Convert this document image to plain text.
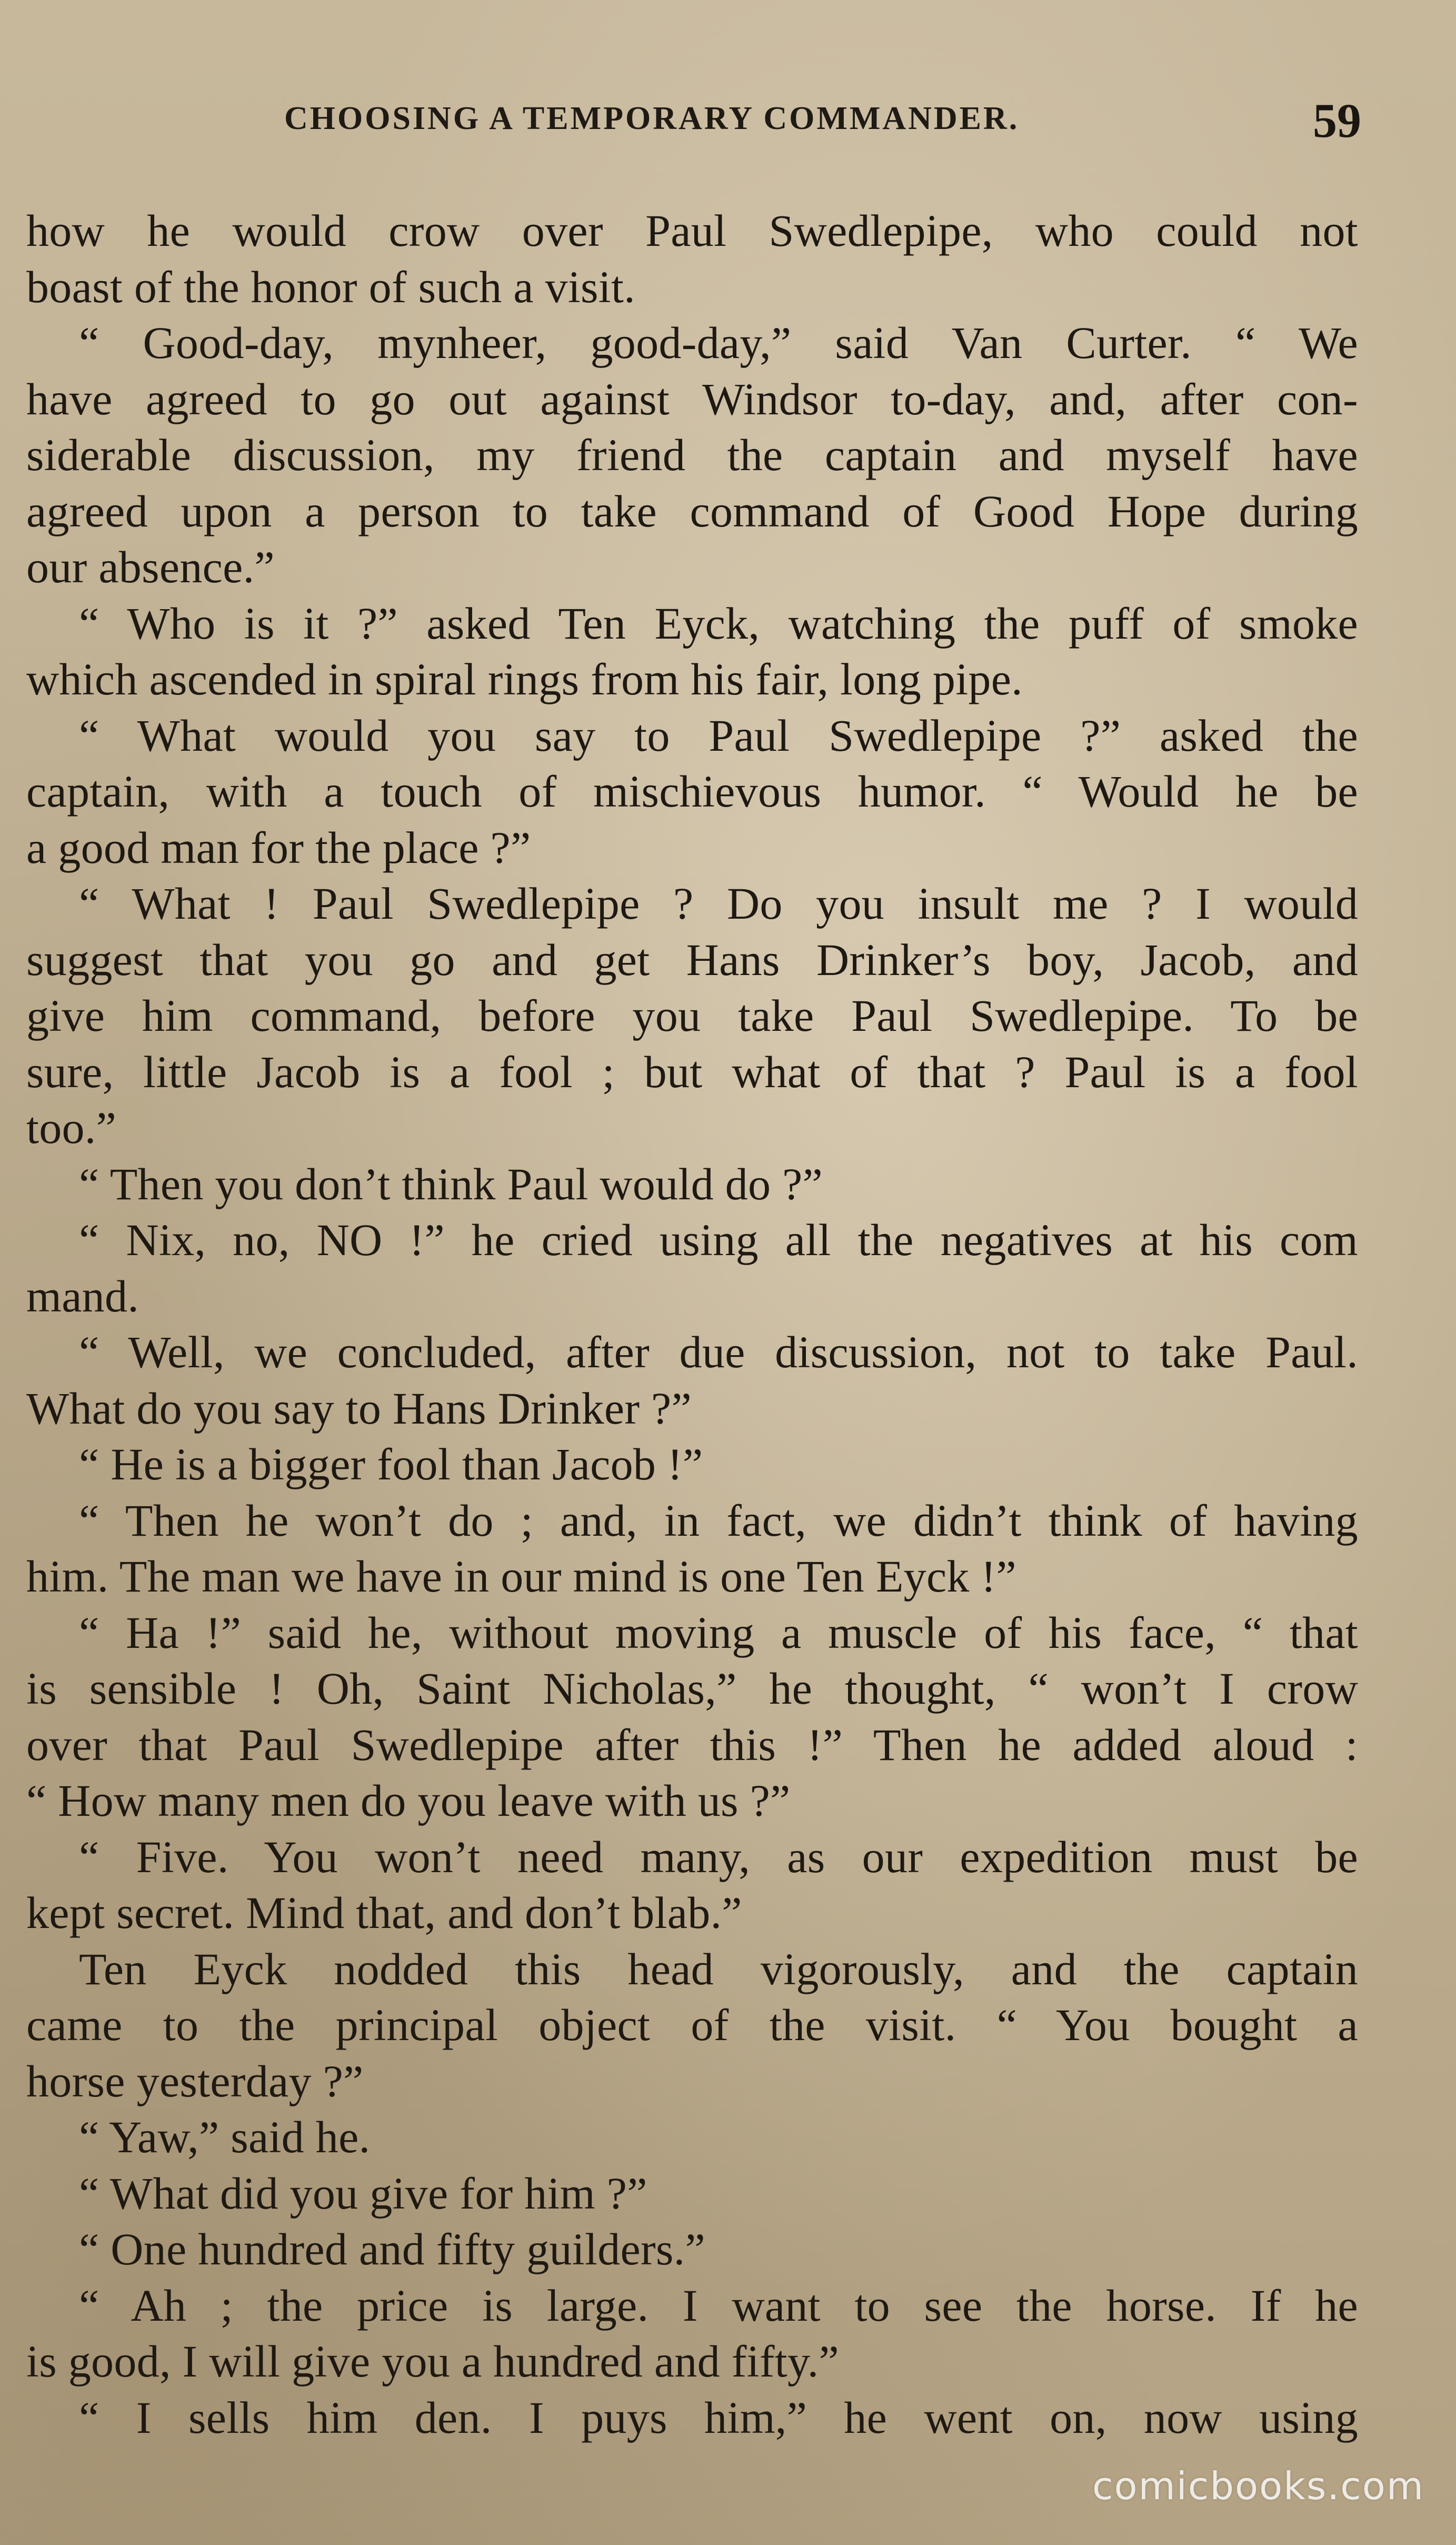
CHOOSING A TEMPORARY COMMANDER.	59
how he would crow over Paul Swedlepipe, who could not
boast of the honor of such a visit.
“ Good-day, mynheer, good-day,” said Van Curter. “ We
have agreed to go out against Windsor to-day, and, after con-
siderable discussion, my friend the captain and myself have
agreed upon a person to take command of Good Hope during
our absence.”
“ Who is it ?” asked Ten Eyck, watching the puff of smoke
which ascended in spiral rings from his fair, long pipe.
“ What would you say to Paul Swedlepipe ?” asked the
captain, with a touch of mischievous humor. “ Would he be
a good man for the place ?”
“ What ! Paul Swedlepipe ? Do you insult me ? I would
suggest that you go and get Hans Drinker’s boy, Jacob, and
give him command, before you take Paul Swedlepipe. To be
sure, little Jacob is a fool ; but what of that ? Paul is a fool
too.”
“ Then you don’t think Paul would do ?”
“ Nix, no, NO !” he cried using all the negatives at his com
mand.
“ Well, we concluded, after due discussion, not to take Paul.
What do you say to Hans Drinker ?”
“ He is a bigger fool than Jacob !”
“ Then he won’t do ; and, in fact, we didn’t think of having
him. The man we have in our mind is one Ten Eyck !”
“ Ha !” said he, without moving a muscle of his face, “ that
is sensible ! Oh, Saint Nicholas,” he thought, “ won’t I crow
over that Paul Swedlepipe after this !” Then he added aloud :
“ How many men do you leave with us ?”
“ Five. You won’t need many, as our expedition must be
kept secret. Mind that, and don’t blab.”
Ten Eyck nodded this head vigorously, and the captain
came to the principal object of the visit. “ You bought a
horse yesterday ?”
“ Yaw,” said he.
“ What did you give for him ?”
“ One hundred and fifty guilders.”
“ Ah ; the price is large. I want to see the horse. If he
is good, I will give you a hundred and fifty.”
“ I sells him den. I puys him,” he went on, now using
comicbooks.com
